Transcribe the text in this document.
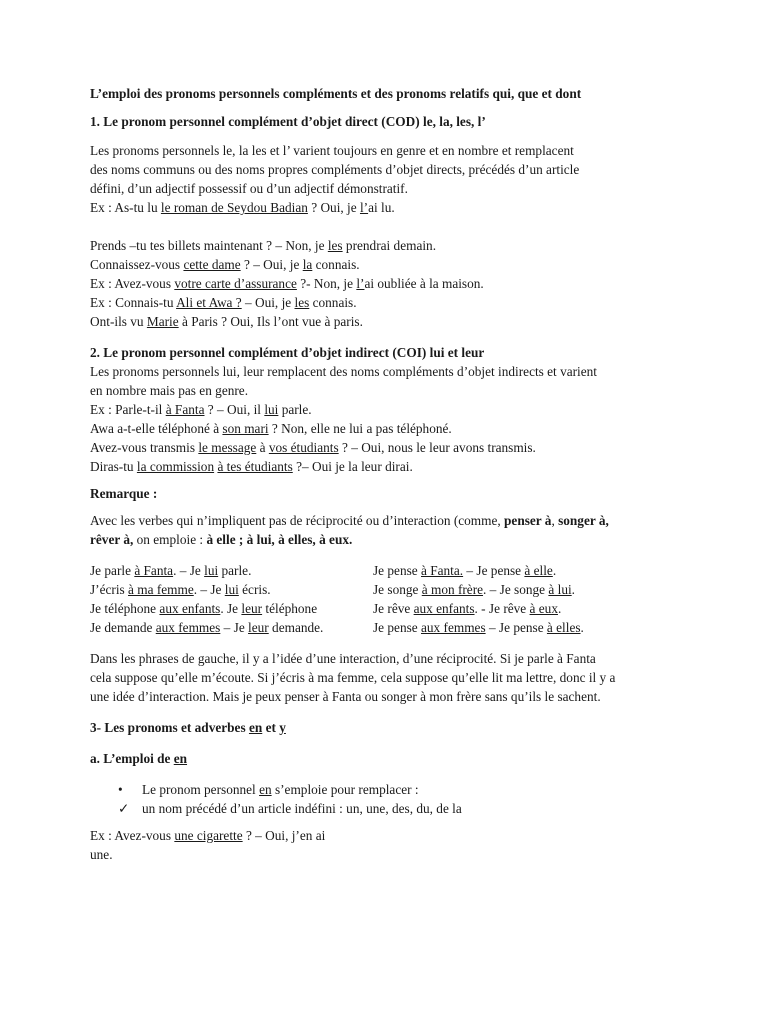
L’emploi des pronoms personnels compléments et des pronoms relatifs qui, que et dont

1. Le pronom personnel complément d’objet direct (COD) le, la, les, l’

Les pronoms personnels le, la les et l’ varient toujours en genre et en nombre et remplacent

des noms communs ou des noms propres compléments d’objet directs, précédés d’un article

défini, d’un adjectif possessif ou d’un adjectif démonstratif.

Ex : As-tu lu le roman de Seydou Badian ? Oui, je l’ai lu.

Prends –tu tes billets maintenant ? – Non, je les prendrai demain.

Connaissez-vous cette dame ? – Oui, je la connais.

Ex : Avez-vous votre carte d’assurance ?- Non, je l’ai oubliée à la maison.

Ex : Connais-tu Ali et Awa ? – Oui, je les connais.

Ont-ils vu Marie à Paris ? Oui, Ils l’ont vue à paris.

2. Le pronom personnel complément d’objet indirect (COI) lui et leur

Les pronoms personnels lui, leur remplacent des noms compléments d’objet indirects et varient

en nombre mais pas en genre.

Ex : Parle-t-il à Fanta ? – Oui, il lui parle.

Awa a-t-elle téléphoné à son mari ? Non, elle ne lui a pas téléphoné.

Avez-vous transmis le message à vos étudiants ? – Oui, nous le leur avons transmis.

Diras-tu la commission à tes étudiants ?– Oui je la leur dirai.

Remarque :

Avec les verbes qui n’impliquent pas de réciprocité ou d’interaction (comme, penser à, songer à,

rêver à, on emploie : à elle ; à lui, à elles, à eux.

Je parle à Fanta. – Je lui parle.	Je pense à Fanta. – Je pense à elle.
J’écris à ma femme. – Je lui écris.	Je songe à mon frère. – Je songe à lui.
Je téléphone aux enfants. Je leur téléphone	Je rêve aux enfants. - Je rêve à eux.
Je demande aux femmes – Je leur demande.	Je pense aux femmes – Je pense à elles.

Dans les phrases de gauche, il y a l’idée d’une interaction, d’une réciprocité. Si je parle à Fanta

cela suppose qu’elle m’écoute. Si j’écris à ma femme, cela suppose qu’elle lit ma lettre, donc il y a

une idée d’interaction. Mais je peux penser à Fanta ou songer à mon frère sans qu’ils le sachent.

3- Les pronoms et adverbes en et y

a. L’emploi de en

•	Le pronom personnel en s’emploie pour remplacer :
✓ un nom précédé d’un article indéfini : un, une, des, du, de la

Ex : Avez-vous une cigarette ? – Oui, j’en ai

une.
